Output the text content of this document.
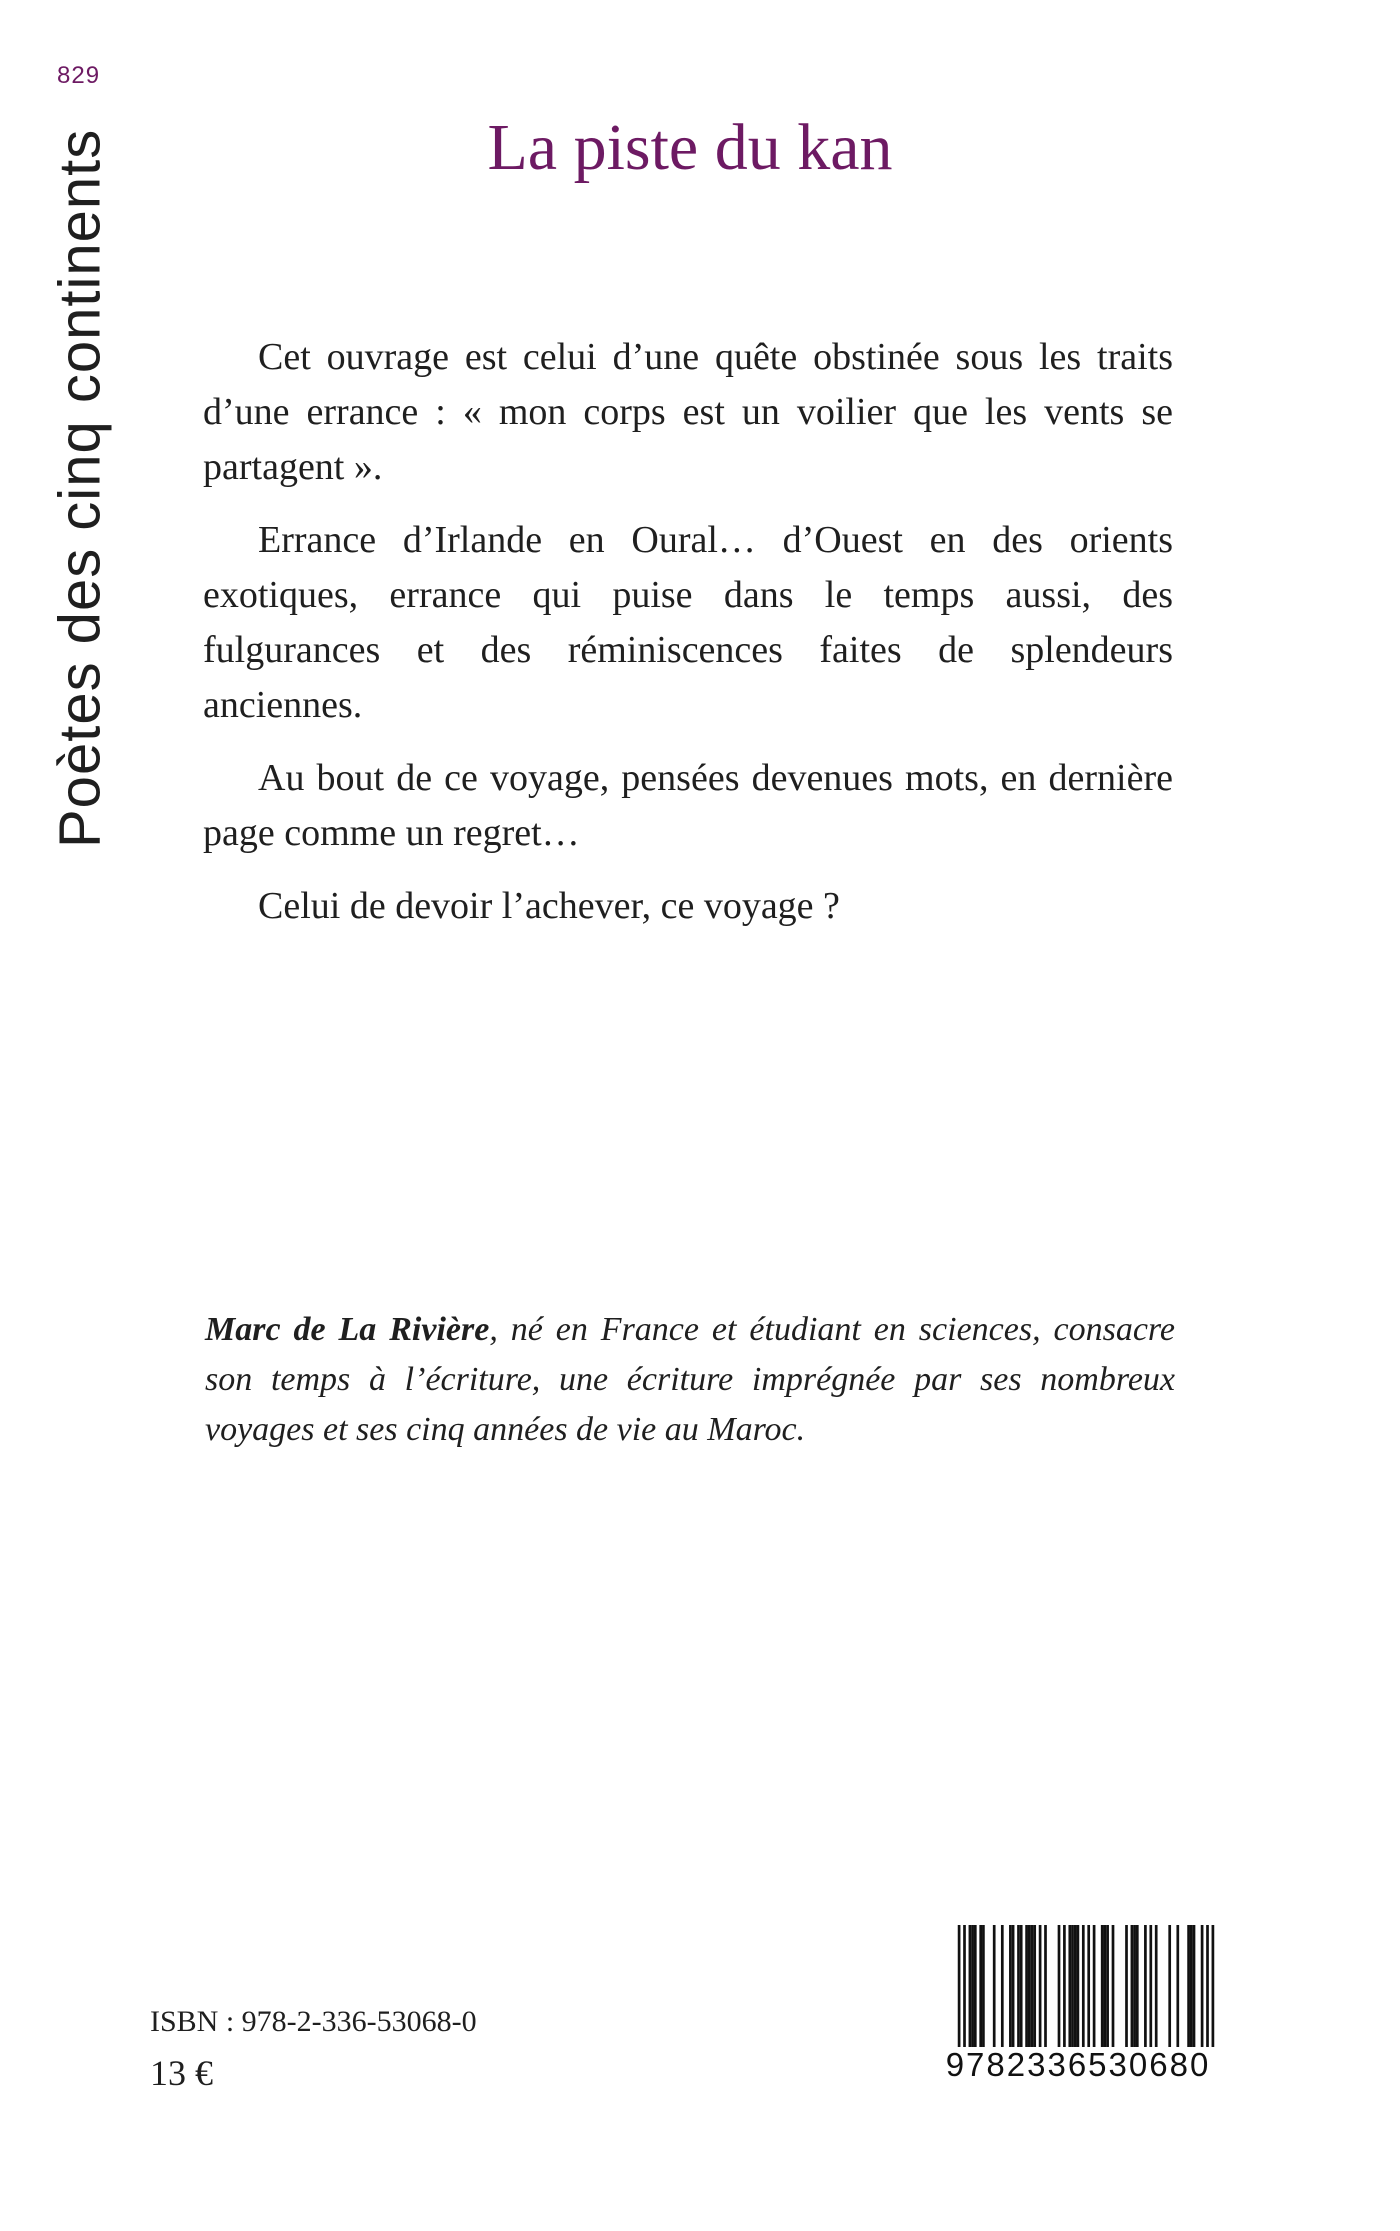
829
Poètes des cinq continents	La piste du kan

Cet ouvrage est celui d’une quête obstinée sous les traits d’une errance : « mon corps est un voilier que les vents se partagent ».

Errance d’Irlande en Oural… d’Ouest en des orients exotiques, errance qui puise dans le temps aussi, des fulgurances et des réminiscences faites de splendeurs anciennes.

Au bout de ce voyage, pensées devenues mots, en dernière page comme un regret…

Celui de devoir l’achever, ce voyage ?

Marc de La Rivière, né en France et étudiant en sciences, consacre son temps à l’écriture, une écriture imprégnée par ses nombreux voyages et ses cinq années de vie au Maroc.
ISBN : 978-2-336-53068-0
13 €	9782336530680
